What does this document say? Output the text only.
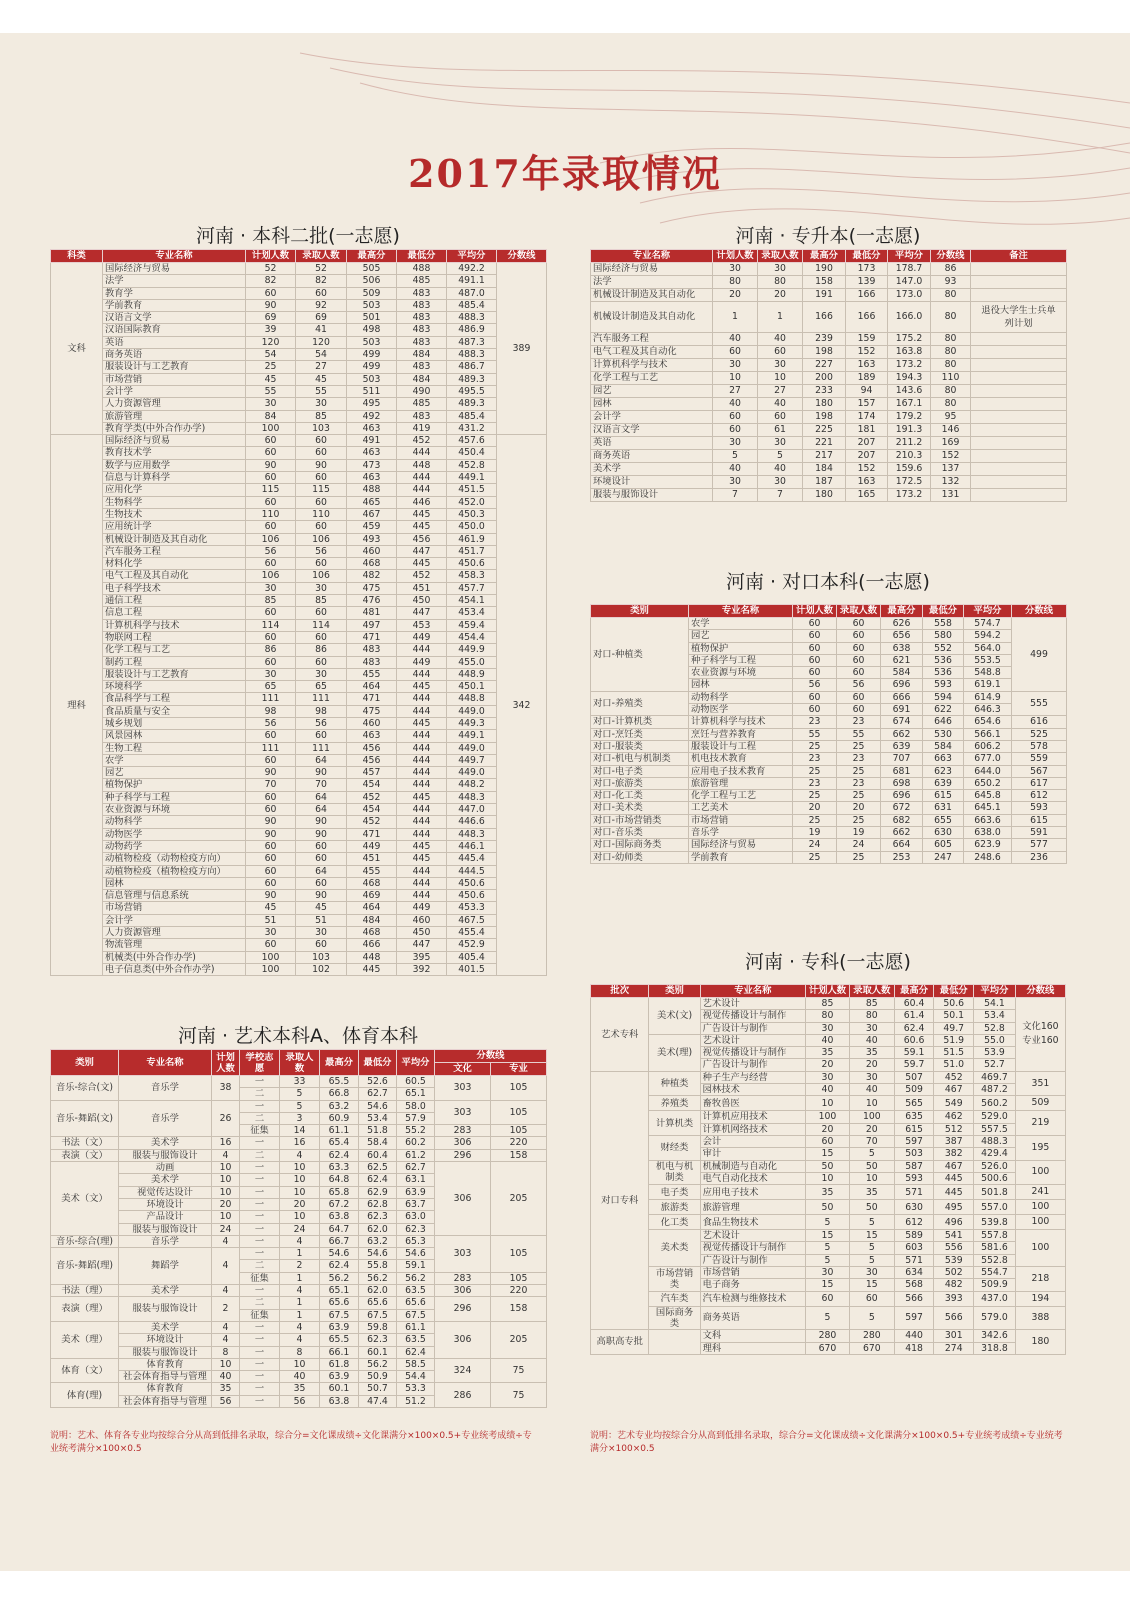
2017年录取情况
河南 · 本科二批(一志愿)
科类	专业名称	计划人数	录取人数	最高分	最低分	平均分	分数线
文科	国际经济与贸易	52	52	505	488	492.2	389
	法学	82	82	506	485	491.1	
	教育学	60	60	509	483	487.0	
	学前教育	90	92	503	483	485.4	
	汉语言文学	69	69	501	483	488.3	
	汉语国际教育	39	41	498	483	486.9	
	英语	120	120	503	483	487.3	
	商务英语	54	54	499	484	488.3	
	服装设计与工艺教育	25	27	499	483	486.7	
	市场营销	45	45	503	484	489.3	
	会计学	55	55	511	490	495.5	
	人力资源管理	30	30	495	485	489.3	
	旅游管理	84	85	492	483	485.4	
	教育学类(中外合作办学)	100	103	463	419	431.2	
理科	国际经济与贸易	60	60	491	452	457.6	342
	教育技术学	60	60	463	444	450.4	
	数学与应用数学	90	90	473	448	452.8	
	信息与计算科学	60	60	463	444	449.1	
	应用化学	115	115	488	444	451.5	
	生物科学	60	60	465	446	452.0	
	生物技术	110	110	467	445	450.3	
	应用统计学	60	60	459	445	450.0	
	机械设计制造及其自动化	106	106	493	456	461.9	
	汽车服务工程	56	56	460	447	451.7	
	材料化学	60	60	468	445	450.6	
	电气工程及其自动化	106	106	482	452	458.3	
	电子科学技术	30	30	475	451	457.7	
	通信工程	85	85	476	450	454.1	
	信息工程	60	60	481	447	453.4	
	计算机科学与技术	114	114	497	453	459.4	
	物联网工程	60	60	471	449	454.4	
	化学工程与工艺	86	86	483	444	449.9	
	制药工程	60	60	483	449	455.0	
	服装设计与工艺教育	30	30	455	444	448.9	
	环境科学	65	65	464	445	450.1	
	食品科学与工程	111	111	471	444	448.8	
	食品质量与安全	98	98	475	444	449.0	
	城乡规划	56	56	460	445	449.3	
	风景园林	60	60	463	444	449.1	
	生物工程	111	111	456	444	449.0	
	农学	60	64	456	444	449.7	
	园艺	90	90	457	444	449.0	
	植物保护	70	70	454	444	448.2	
	种子科学与工程	60	64	452	445	448.3	
	农业资源与环境	60	64	454	444	447.0	
	动物科学	90	90	452	444	446.6	
	动物医学	90	90	471	444	448.3	
	动物药学	60	60	449	445	446.1	
	动植物检疫（动物检疫方向）	60	60	451	445	445.4	
	动植物检疫（植物检疫方向）	60	64	455	444	444.5	
	园林	60	60	468	444	450.6	
	信息管理与信息系统	90	90	469	444	450.6	
	市场营销	45	45	464	449	453.3	
	会计学	51	51	484	460	467.5	
	人力资源管理	30	30	468	450	455.4	
	物流管理	60	60	466	447	452.9	
	机械类(中外合作办学)	100	103	448	395	405.4	
	电子信息类(中外合作办学)	100	102	445	392	401.5	
河南 · 艺术本科A、体育本科
类别	专业名称	计划人数	学校志愿	录取人数	最高分	最低分	平均分	分数线	
								文化	专业
音乐-综合(文)	音乐学	38	一	33	65.5	52.6	60.5	303	105
			二	5	66.8	62.7	65.1		
音乐-舞蹈(文)	音乐学	26	一	5	63.2	54.6	58.0	303	105
			二	3	60.9	53.4	57.9		
			征集	14	61.1	51.8	55.2	283	105
书法（文）	美术学	16	一	16	65.4	58.4	60.2	306	220
表演（文）	服装与服饰设计	4	二	4	62.4	60.4	61.2	296	158
美术（文）	动画	10	一	10	63.3	62.5	62.7	306	205
	美术学	10	一	10	64.8	62.4	63.1		
	视觉传达设计	10	一	10	65.8	62.9	63.9		
	环境设计	20	一	20	67.2	62.8	63.7		
	产品设计	10	一	10	63.8	62.3	63.0		
	服装与服饰设计	24	一	24	64.7	62.0	62.3		
音乐-综合(理)	音乐学	4	一	4	66.7	63.2	65.3	303	105
音乐-舞蹈(理)	舞蹈学	4	一	1	54.6	54.6	54.6		
			二	2	62.4	55.8	59.1		
			征集	1	56.2	56.2	56.2	283	105
书法（理）	美术学	4	一	4	65.1	62.0	63.5	306	220
表演（理）	服装与服饰设计	2	二	1	65.6	65.6	65.6	296	158
			征集	1	67.5	67.5	67.5		
美术（理）	美术学	4	一	4	63.9	59.8	61.1	306	205
	环境设计	4	一	4	65.5	62.3	63.5		
	服装与服饰设计	8	一	8	66.1	60.1	62.4		
体育（文）	体育教育	10	一	10	61.8	56.2	58.5	324	75
	社会体育指导与管理	40	一	40	63.9	50.9	54.4		
体育(理)	体育教育	35	一	35	60.1	50.7	53.3	286	75
	社会体育指导与管理	56	一	56	63.8	47.4	51.2		
说明：艺术、体育各专业均按综合分从高到低排名录取，综合分=文化课成绩÷文化课满分×100×0.5+专业统考成绩÷专业统考满分×100×0.5
河南 · 专升本(一志愿)
专业名称	计划人数	录取人数	最高分	最低分	平均分	分数线	备注
国际经济与贸易	30	30	190	173	178.7	86	
法学	80	80	158	139	147.0	93	
机械设计制造及其自动化	20	20	191	166	173.0	80	
机械设计制造及其自动化	1	1	166	166	166.0	80	退役大学生士兵单列计划
汽车服务工程	40	40	239	159	175.2	80	
电气工程及其自动化	60	60	198	152	163.8	80	
计算机科学与技术	30	30	227	163	173.2	80	
化学工程与工艺	10	10	200	189	194.3	110	
园艺	27	27	233	94	143.6	80	
园林	40	40	180	157	167.1	80	
会计学	60	60	198	174	179.2	95	
汉语言文学	60	61	225	181	191.3	146	
英语	30	30	221	207	211.2	169	
商务英语	5	5	217	207	210.3	152	
美术学	40	40	184	152	159.6	137	
环境设计	30	30	187	163	172.5	132	
服装与服饰设计	7	7	180	165	173.2	131	
河南 · 对口本科(一志愿)
类别	专业名称	计划人数	录取人数	最高分	最低分	平均分	分数线
对口-种植类	农学	60	60	626	558	574.7	499
	园艺	60	60	656	580	594.2	
	植物保护	60	60	638	552	564.0	
	种子科学与工程	60	60	621	536	553.5	
	农业资源与环境	60	60	584	536	548.8	
	园林	56	56	696	593	619.1	
对口-养殖类	动物科学	60	60	666	594	614.9	555
	动物医学	60	60	691	622	646.3	
对口-计算机类	计算机科学与技术	23	23	674	646	654.6	616
对口-烹饪类	烹饪与营养教育	55	55	662	530	566.1	525
对口-服装类	服装设计与工程	25	25	639	584	606.2	578
对口-机电与机制类	机电技术教育	23	23	707	663	677.0	559
对口-电子类	应用电子技术教育	25	25	681	623	644.0	567
对口-旅游类	旅游管理	23	23	698	639	650.2	617
对口-化工类	化学工程与工艺	25	25	696	615	645.8	612
对口-美术类	工艺美术	20	20	672	631	645.1	593
对口-市场营销类	市场营销	25	25	682	655	663.6	615
对口-音乐类	音乐学	19	19	662	630	638.0	591
对口-国际商务类	国际经济与贸易	24	24	664	605	623.9	577
对口-幼师类	学前教育	25	25	253	247	248.6	236
河南 · 专科(一志愿)
批次	类别	专业名称	计划人数	录取人数	最高分	最低分	平均分	分数线
艺术专科	美术(文)	艺术设计	85	85	60.4	50.6	54.1	文化160 专业160
		视觉传播设计与制作	80	80	61.4	50.1	53.4	
		广告设计与制作	30	30	62.4	49.7	52.8	
	美术(理)	艺术设计	40	40	60.6	51.9	55.0	
		视觉传播设计与制作	35	35	59.1	51.5	53.9	
		广告设计与制作	20	20	59.7	51.0	52.7	
对口专科	种植类	种子生产与经营	30	30	507	452	469.7	351
		园林技术	40	40	509	467	487.2	
	养殖类	畜牧兽医	10	10	565	549	560.2	509
	计算机类	计算机应用技术	100	100	635	462	529.0	219
		计算机网络技术	20	20	615	512	557.5	
	财经类	会计	60	70	597	387	488.3	195
		审计	15	5	503	382	429.4	
	机电与机制类	机械制造与自动化	50	50	587	467	526.0	100
		电气自动化技术	10	10	593	445	500.6	
	电子类	应用电子技术	35	35	571	445	501.8	241
	旅游类	旅游管理	50	50	630	495	557.0	100
	化工类	食品生物技术	5	5	612	496	539.8	100
	美术类	艺术设计	15	15	589	541	557.8	100
		视觉传播设计与制作	5	5	603	556	581.6	
		广告设计与制作	5	5	571	539	552.8	
	市场营销类	市场营销	30	30	634	502	554.7	218
		电子商务	15	15	568	482	509.9	
	汽车类	汽车检测与维修技术	60	60	566	393	437.0	194
	国际商务类	商务英语	5	5	597	566	579.0	388
高职高专批		文科	280	280	440	301	342.6	180
		理科	670	670	418	274	318.8	
说明：艺术专业均按综合分从高到低排名录取，综合分=文化课成绩÷文化课满分×100×0.5+专业统考成绩÷专业统考满分×100×0.5
